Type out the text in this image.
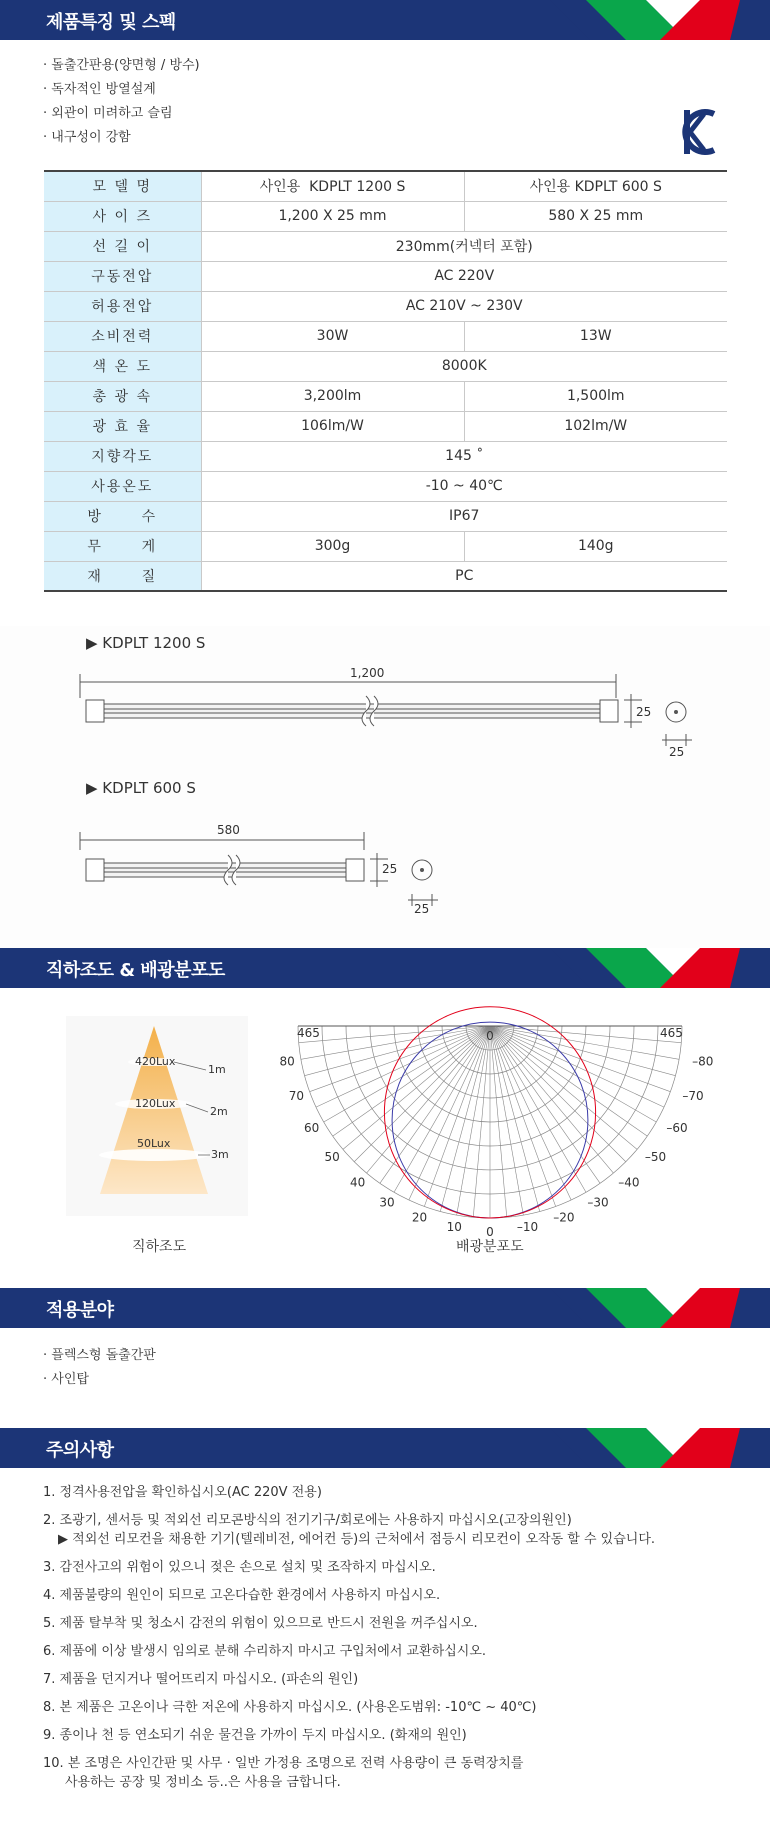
제품특징 및 스펙
· 돌출간판용(양면형 / 방수)
· 독자적인 방열설계
· 외관이 미려하고 슬림
· 내구성이 강함
모 델 명	사인용  KDPLT 1200 S	사인용 KDPLT 600 S
사 이 즈	1,200 X 25 mm	580 X 25 mm
선 길 이	230mm(커넥터 포함)	
구동전압	AC 220V	
허용전압	AC 210V ~ 230V	
소비전력	30W	13W
색 온 도	8000K	
총 광 속	3,200lm	1,500lm
광 효 율	106lm/W	102lm/W
지향각도	145 ˚	
사용온도	-10 ~ 40℃	
방      수	IP67	
무      게	300g	140g
재      질	PC	
▶ KDPLT 1200 S
1,200
25
25
▶ KDPLT 600 S
580
25
25
직하조도 & 배광분포도
420Lux
1m
120Lux
2m
50Lux
3m
직하조도
80	–80
70	–70
60	–60
50	–50
40	–40
30	–30
20	–20
10	–10
0
0
465	465
배광분포도
적용분야
· 플렉스형 돌출간판
· 사인탑
주의사항
1. 정격사용전압을 확인하십시오(AC 220V 전용)
2. 조광기, 센서등 및 적외선 리모콘방식의 전기기구/회로에는 사용하지 마십시오(고장의원인)
▶ 적외선 리모컨을 채용한 기기(텔레비전, 에어컨 등)의 근처에서 점등시 리모컨이 오작동 할 수 있습니다.
3. 감전사고의 위험이 있으니 젖은 손으로 설치 및 조작하지 마십시오.
4. 제품불량의 원인이 되므로 고온다습한 환경에서 사용하지 마십시오.
5. 제품 탈부착 및 청소시 감전의 위험이 있으므로 반드시 전원을 꺼주십시오.
6. 제품에 이상 발생시 임의로 분해 수리하지 마시고 구입처에서 교환하십시오.
7. 제품을 던지거나 떨어뜨리지 마십시오. (파손의 원인)
8. 본 제품은 고온이나 극한 저온에 사용하지 마십시오. (사용온도범위: -10℃ ~ 40℃)
9. 종이나 천 등 연소되기 쉬운 물건을 가까이 두지 마십시오. (화재의 원인)
10. 본 조명은 사인간판 및 사무 · 일반 가정용 조명으로 전력 사용량이 큰 동력장치를
사용하는 공장 및 정비소 등..은 사용을 금합니다.
